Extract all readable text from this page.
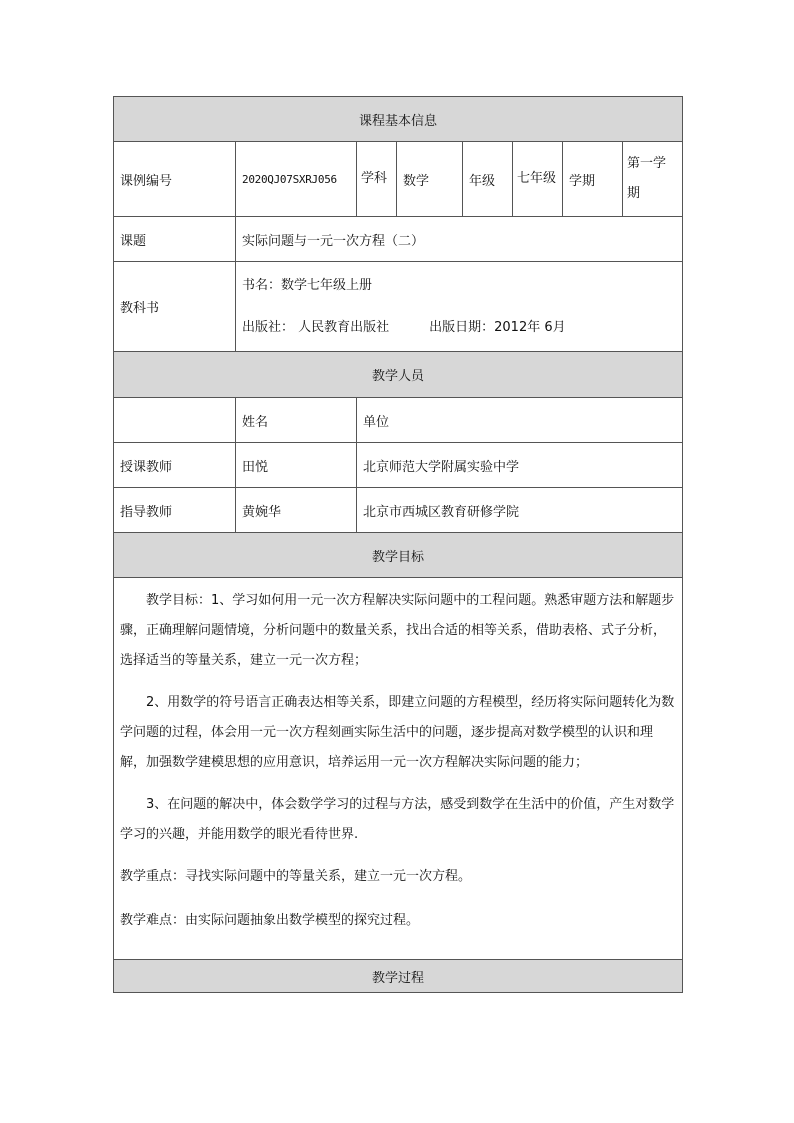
课程基本信息							
课例编号	2020QJ07SXRJ056	学科	数学	年级	七年级	学期	第一学期
课题	实际问题与一元一次方程（二）						
教科书	书名：数学七年级上册
出版社： 人民教育出版社 出版日期：2012年 6月						

教学人员							
	姓名	单位					
授课教师	田悦	北京师范大学附属实验中学					
指导教师	黄婉华	北京市西城区教育研修学院					
教学目标							

教学目标：1、学习如何用一元一次方程解决实际问题中的工程问题。熟悉审题方法和解题步骤，正确理解问题情境，分析问题中的数量关系，找出合适的相等关系，借助表格、式子分析，选择适当的等量关系，建立一元一次方程；

2、用数学的符号语言正确表达相等关系，即建立问题的方程模型，经历将实际问题转化为数学问题的过程，体会用一元一次方程刻画实际生活中的问题，逐步提高对数学模型的认识和理解，加强数学建模思想的应用意识，培养运用一元一次方程解决实际问题的能力；

3、在问题的解决中，体会数学学习的过程与方法，感受到数学在生活中的价值，产生对数学学习的兴趣，并能用数学的眼光看待世界.

教学重点：寻找实际问题中的等量关系，建立一元一次方程。

教学难点：由实际问题抽象出数学模型的探究过程。							

教学过程							
